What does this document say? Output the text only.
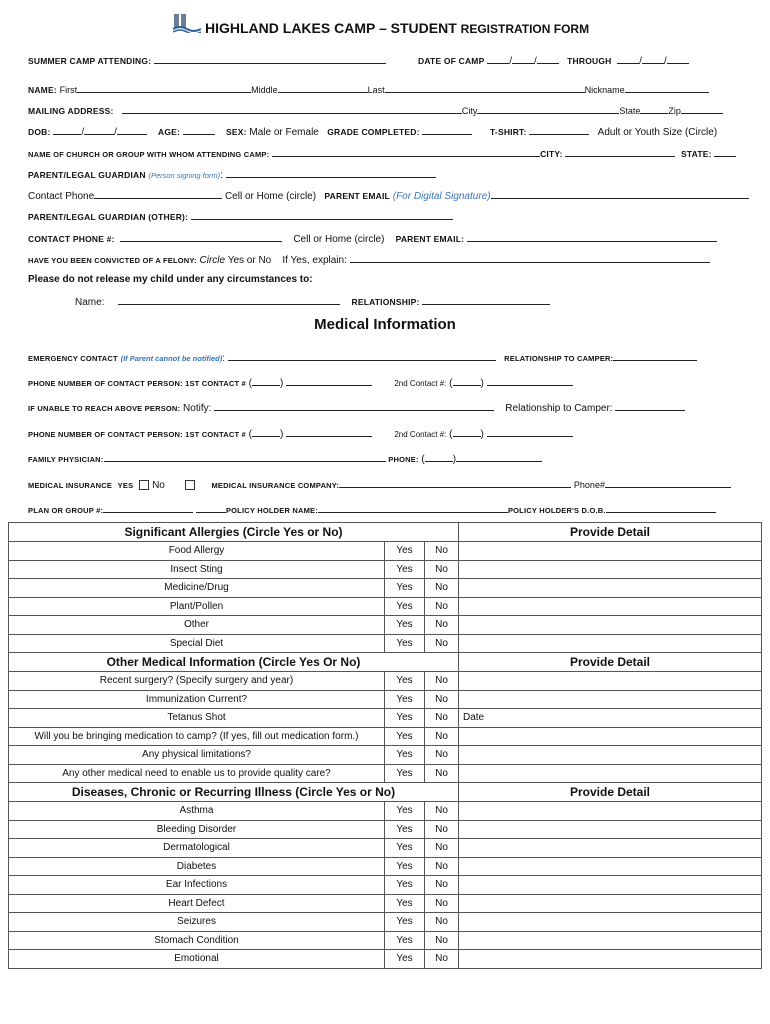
HIGHLAND LAKES CAMP – STUDENT REGISTRATION FORM
SUMMER CAMP ATTENDING:	DATE OF CAMP / /	THROUGH	/ /
NAME: First	Middle	Last	Nickname
MAILING ADDRESS:	City	State	Zip
DOB:	/	/	AGE:	SEX: Male or Female GRADE COMPLETED:	T-SHIRT:	Adult or Youth Size (Circle)
NAME OF CHURCH OR GROUP WITH WHOM ATTENDING CAMP:	CITY:	STATE:
PARENT/LEGAL GUARDIAN (Person signing form):
Contact Phone	Cell or Home (circle) PARENT EMAIL (For Digital Signature)
PARENT/LEGAL GUARDIAN (OTHER):
CONTACT PHONE #:	Cell or Home (circle) PARENT EMAIL:
HAVE YOU BEEN CONVICTED OF A FELONY: Circle Yes or No If Yes, explain:
Please do not release my child under any circumstances to:
Name:	RELATIONSHIP:
Medical Information
EMERGENCY CONTACT (If Parent cannot be notified):	RELATIONSHIP TO CAMPER:
PHONE NUMBER OF CONTACT PERSON: 1ST CONTACT # (	)	2nd Contact #: (	)
IF UNABLE TO REACH ABOVE PERSON: Notify:	Relationship to Camper:
PHONE NUMBER OF CONTACT PERSON: 1ST CONTACT # (	)	2nd Contact #: (	)
FAMILY PHYSICIAN:	PHONE: (	)
MEDICAL INSURANCE YES No	MEDICAL INSURANCE COMPANY:	Phone#
PLAN OR GROUP #:	POLICY HOLDER NAME:	POLICY HOLDER'S D.O.B.
Significant Allergies (Circle Yes or No)			Provide Detail
Food Allergy	Yes	No	
Insect Sting	Yes	No	
Medicine/Drug	Yes	No	
Plant/Pollen	Yes	No	
Other	Yes	No	
Special Diet	Yes	No	
Other Medical Information (Circle Yes Or No)			Provide Detail
Recent surgery? (Specify surgery and year)	Yes	No	
Immunization Current?	Yes	No	
Tetanus Shot	Yes	No	Date
Will you be bringing medication to camp? (If yes, fill out medication form.)	Yes	No	
Any physical limitations?	Yes	No	
Any other medical need to enable us to provide quality care?	Yes	No	
Diseases, Chronic or Recurring Illness (Circle Yes or No)			Provide Detail
Asthma	Yes	No	
Bleeding Disorder	Yes	No	
Dermatological	Yes	No	
Diabetes	Yes	No	
Ear Infections	Yes	No	
Heart Defect	Yes	No	
Seizures	Yes	No	
Stomach Condition	Yes	No	
Emotional	Yes	No	
